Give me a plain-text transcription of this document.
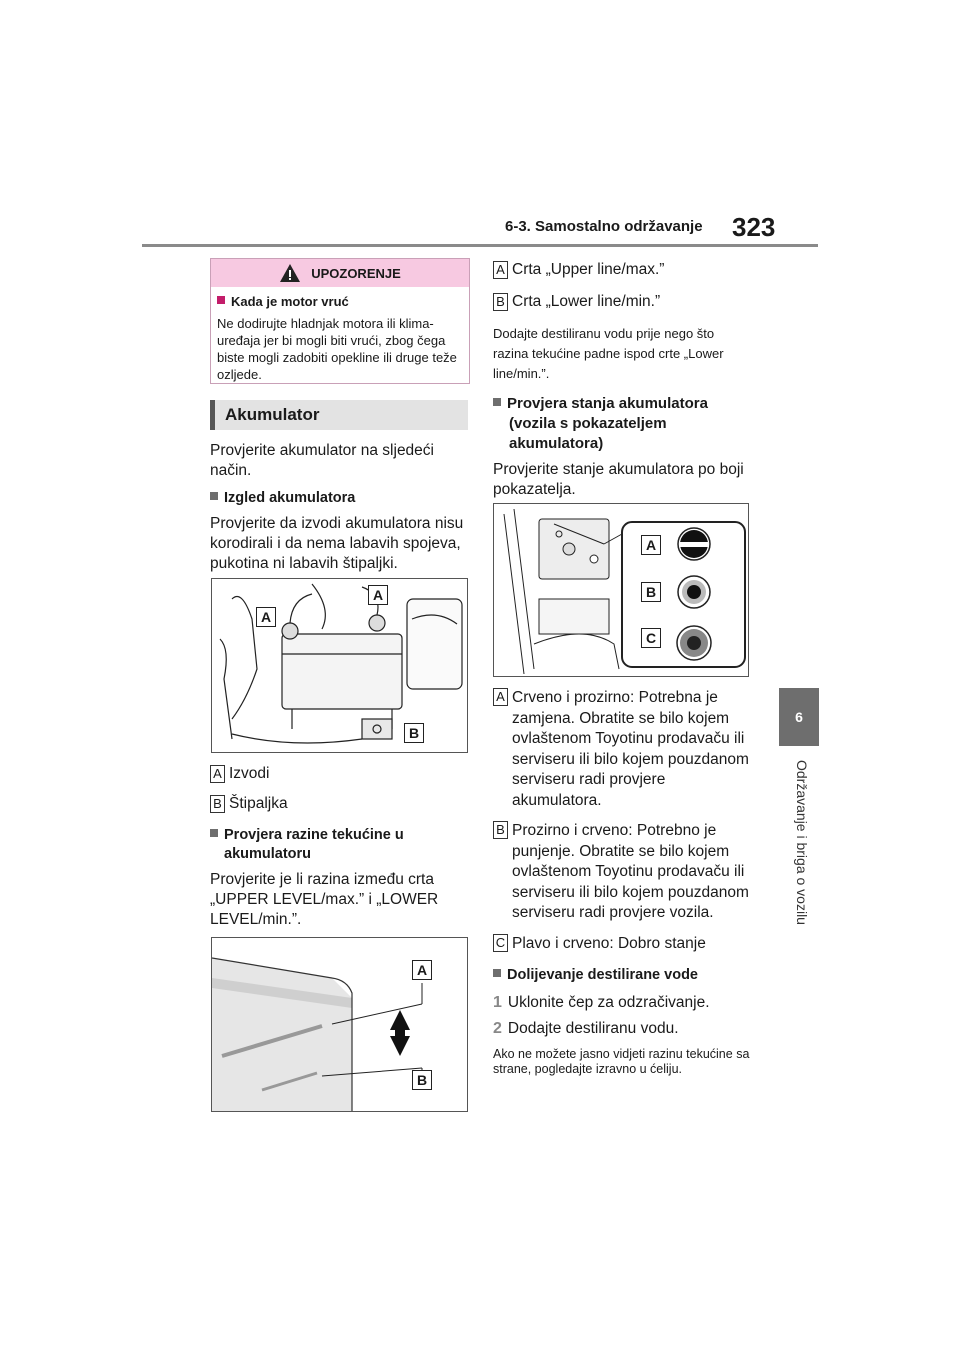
6-3. Samostalno održavanje 323
6
Održavanje i briga o vozilu
UPOZORENJE

Kada je motor vruć

Ne dodirujte hladnjak motora ili klima-uređaja jer bi mogli biti vrući, zbog čega biste mogli zadobiti opekline ili druge teže ozljede.

Akumulator

Provjerite akumulator na sljedeći način.

Izgled akumulatora

Provjerite da izvodi akumulatora nisu korodirali i da nema labavih spojeva, pukotina ni labavih štipaljki.

A
A
B

A Izvodi

B Štipaljka

Provjera razine tekućine u akumulatoru

Provjerite je li razina između crta „UPPER LEVEL/max.” i „LOWER LEVEL/min.”.

A
B

A Crta „Upper line/max.”

B Crta „Lower line/min.”

Dodajte destiliranu vodu prije nego što razina tekućine padne ispod crte „Lower line/min.”.

Provjera stanja akumulatora (vozila s pokazateljem akumulatora)

Provjerite stanje akumulatora po boji pokazatelja.

A
B
C
A Crveno i prozirno: Potrebna je zamjena. Obratite se bilo kojem ovlaštenom Toyotinu prodavaču ili serviseru ili bilo kojem pouzdanom serviseru radi provjere akumulatora.
B Prozirno i crveno: Potrebno je punjenje. Obratite se bilo kojem ovlaštenom Toyotinu prodavaču ili serviseru ili bilo kojem pouzdanom serviseru radi provjere vozila.
C Plavo i crveno: Dobro stanje

Dolijevanje destilirane vode

1 Uklonite čep za odzračivanje.

2 Dodajte destiliranu vodu.

Ako ne možete jasno vidjeti razinu tekućine sa strane, pogledajte izravno u ćeliju.
